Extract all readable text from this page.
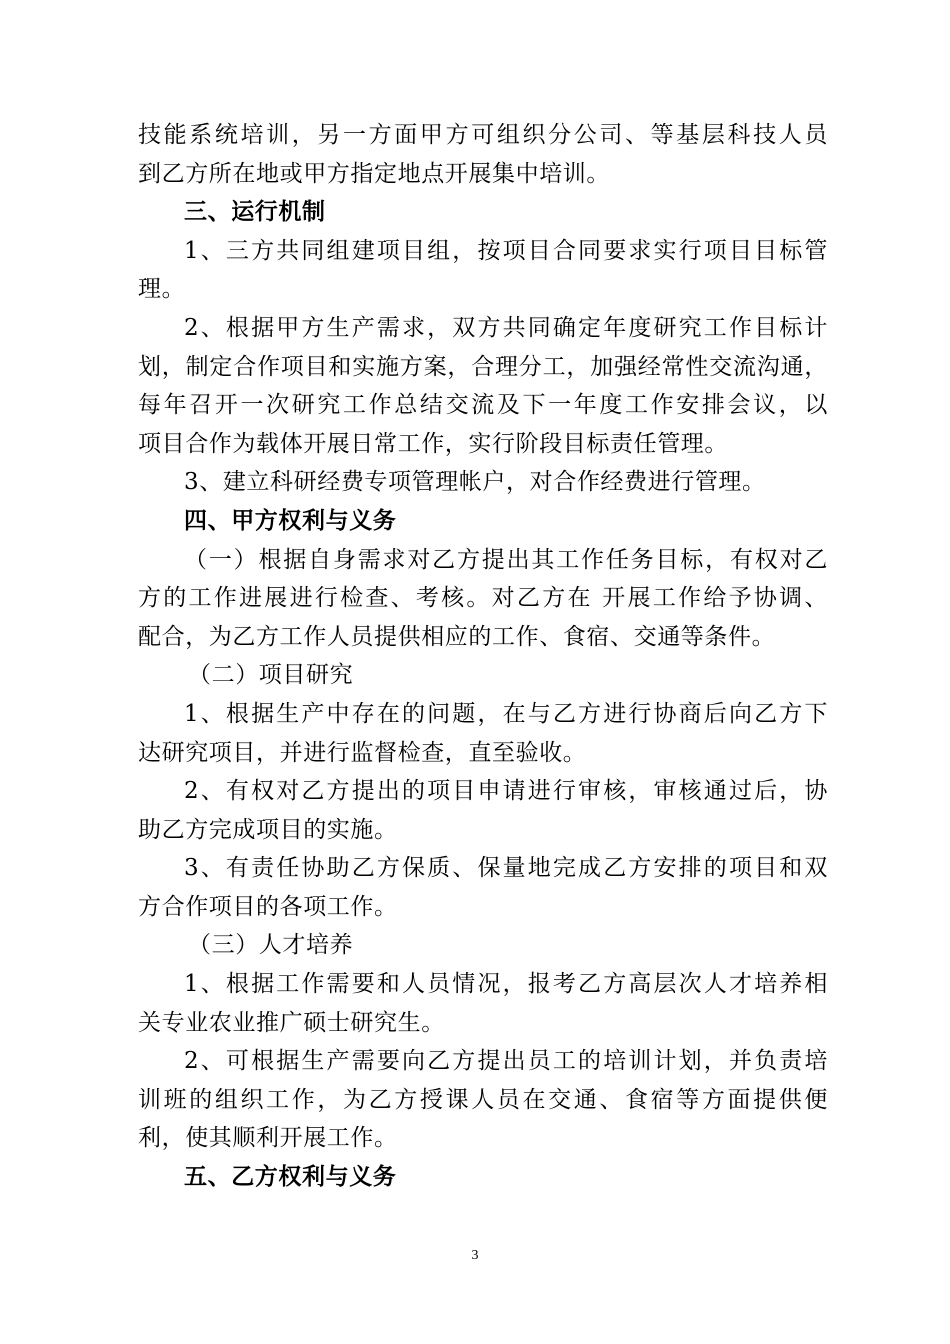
技能系统培训，另一方面甲方可组织分公司、等基层科技人员
到乙方所在地或甲方指定地点开展集中培训。
三、运行机制
1、三方共同组建项目组，按项目合同要求实行项目目标管
理。
2、根据甲方生产需求，双方共同确定年度研究工作目标计
划，制定合作项目和实施方案，合理分工，加强经常性交流沟通，
每年召开一次研究工作总结交流及下一年度工作安排会议，以
项目合作为载体开展日常工作，实行阶段目标责任管理。
3、建立科研经费专项管理帐户，对合作经费进行管理。
四、甲方权利与义务
（一）根据自身需求对乙方提出其工作任务目标，有权对乙
方的工作进展进行检查、考核。对乙方在 开展工作给予协调、
配合，为乙方工作人员提供相应的工作、食宿、交通等条件。
（二）项目研究
1、根据生产中存在的问题，在与乙方进行协商后向乙方下
达研究项目，并进行监督检查，直至验收。
2、有权对乙方提出的项目申请进行审核，审核通过后，协
助乙方完成项目的实施。
3、有责任协助乙方保质、保量地完成乙方安排的项目和双
方合作项目的各项工作。
（三）人才培养
1、根据工作需要和人员情况，报考乙方高层次人才培养相
关专业农业推广硕士研究生。
2、可根据生产需要向乙方提出员工的培训计划，并负责培
训班的组织工作，为乙方授课人员在交通、食宿等方面提供便
利，使其顺利开展工作。
五、乙方权利与义务
3
